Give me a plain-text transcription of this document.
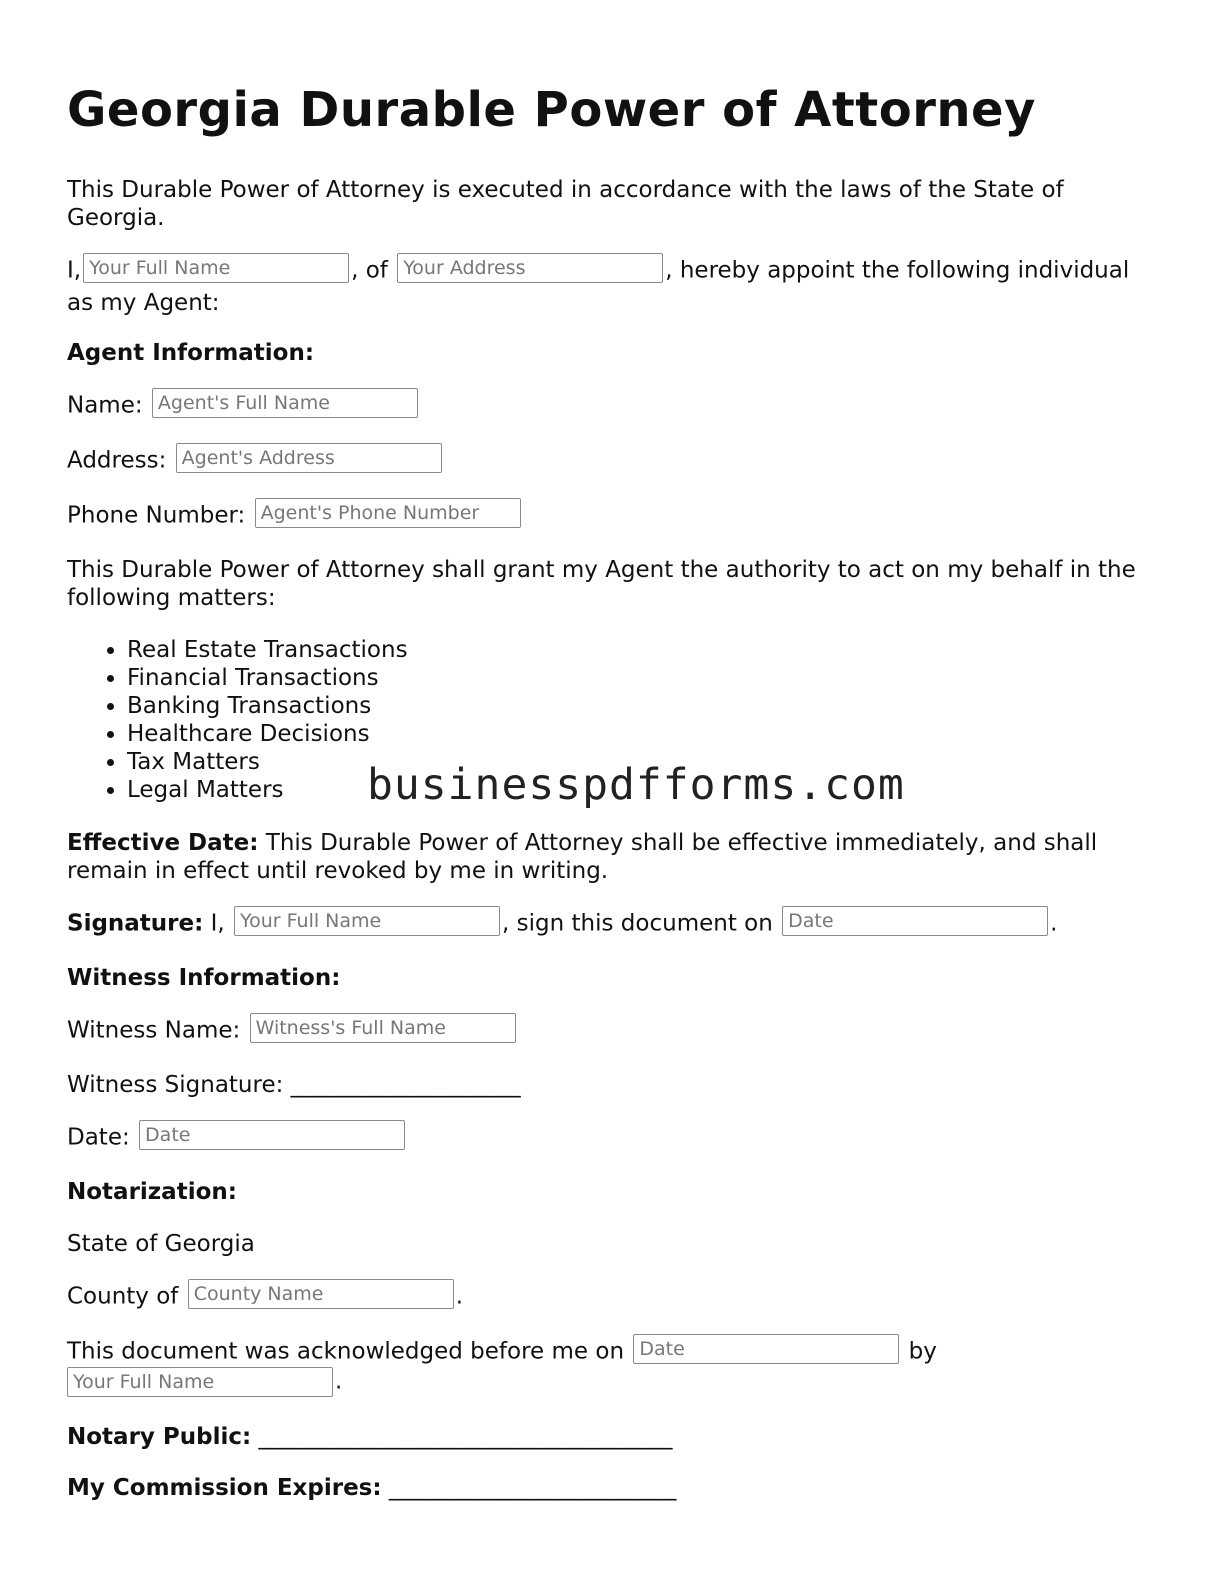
Georgia Durable Power of Attorney
This Durable Power of Attorney is executed in accordance with the laws of the State of Georgia.
I,Your Full Name	, of Your Address	, hereby appoint the following individual
as my Agent:
Agent Information:
Name: Agent's Full Name
Address: Agent's Address
Phone Number: Agent's Phone Number
This Durable Power of Attorney shall grant my Agent the authority to act on my behalf in the following matters:
• Real Estate Transactions
• Financial Transactions
• Banking Transactions
• Healthcare Decisions
• Tax Matters
• Legal Matters	businesspdfforms.com
Effective Date: This Durable Power of Attorney shall be effective immediately, and shall remain in effect until revoked by me in writing.
Signature: I, Your Full Name	, sign this document on Date	.
Witness Information:
Witness Name: Witness's Full Name
Witness Signature: ____________________
Date: Date
Notarization:
State of Georgia
County of County Name	.
This document was acknowledged before me on Date	by
Your Full Name.
Notary Public: ____________________________________
My Commission Expires: _________________________
